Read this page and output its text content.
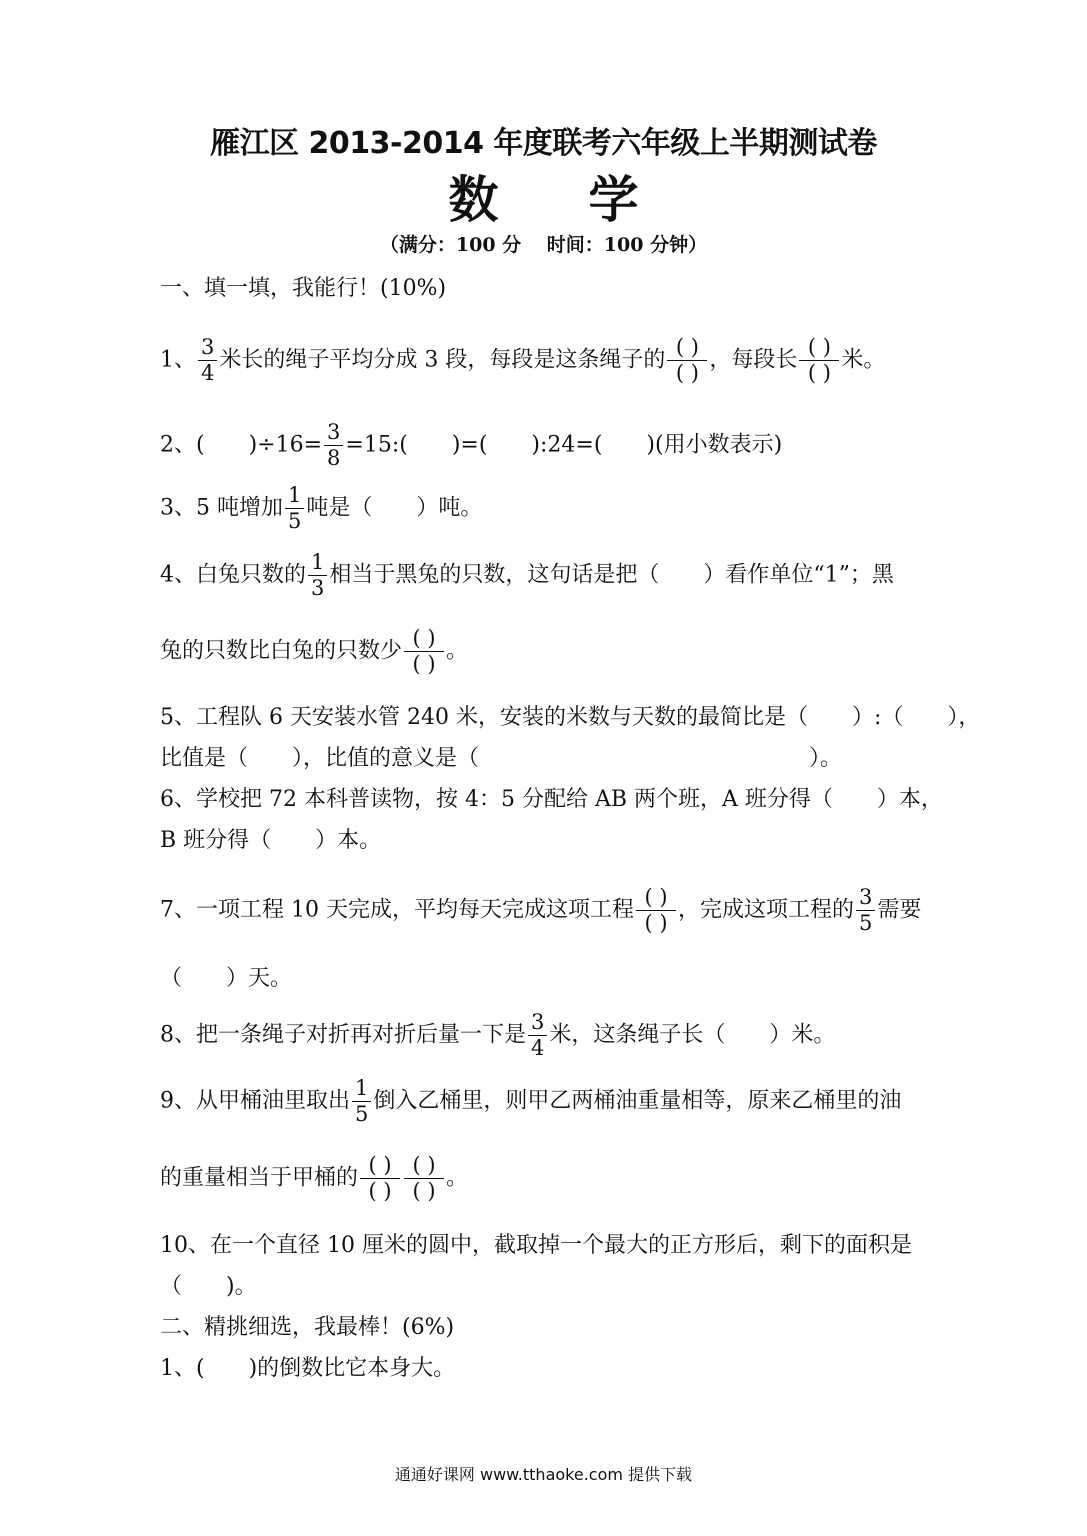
雁江区 2013-2014 年度联考六年级上半期测试卷
数学
（满分：100 分　 时间：100 分钟）
一、填一填，我能行！(10%)
1、 $\frac{3}{4}$ 米长的绳子平均分成 3 段，每段是这条绳子的 $\frac{( )}{( )}$ ，每段长 $\frac{( )}{( )}$ 米。
2、(　　)$\div 16= \frac{3}{8}$ =15:(　　)=(　　):24=(　　)(用小数表示)
3、5 吨增加 $\frac{1}{5}$ 吨是（　　）吨。
4、白兔只数的 $\frac{1}{3}$ 相当于黑兔的只数，这句话是把（　　）看作单位“1”；黑
兔的只数比白兔的只数少 $\frac{( )}{( )}$ 。
5、工程队 6 天安装水管 240 米，安装的米数与天数的最简比是（　　）:（　　），
比值是（　　），比值的意义是（　　　　　　　　　　　　　　　）。
6、学校把 72 本科普读物，按 4：5 分配给 AB 两个班，A 班分得（　　）本，
B 班分得（　　）本。
7、一项工程 10 天完成，平均每天完成这项工程 $\frac{( )}{( )}$ ，完成这项工程的 $\frac{3}{5}$ 需要
（　　）天。
8、把一条绳子对折再对折后量一下是 $\frac{3}{4}$ 米，这条绳子长（　　）米。
9、从甲桶油里取出 $\frac{1}{5}$ 倒入乙桶里，则甲乙两桶油重量相等，原来乙桶里的油
的重量相当于甲桶的 $\frac{( )}{( )} \frac{( )}{( )}$ 。
10、在一个直径 10 厘米的圆中，截取掉一个最大的正方形后，剩下的面积是
（　　)。
二、精挑细选，我最棒！(6%)
1、(　　)的倒数比它本身大。
通通好课网 www.tthaoke.com 提供下载
